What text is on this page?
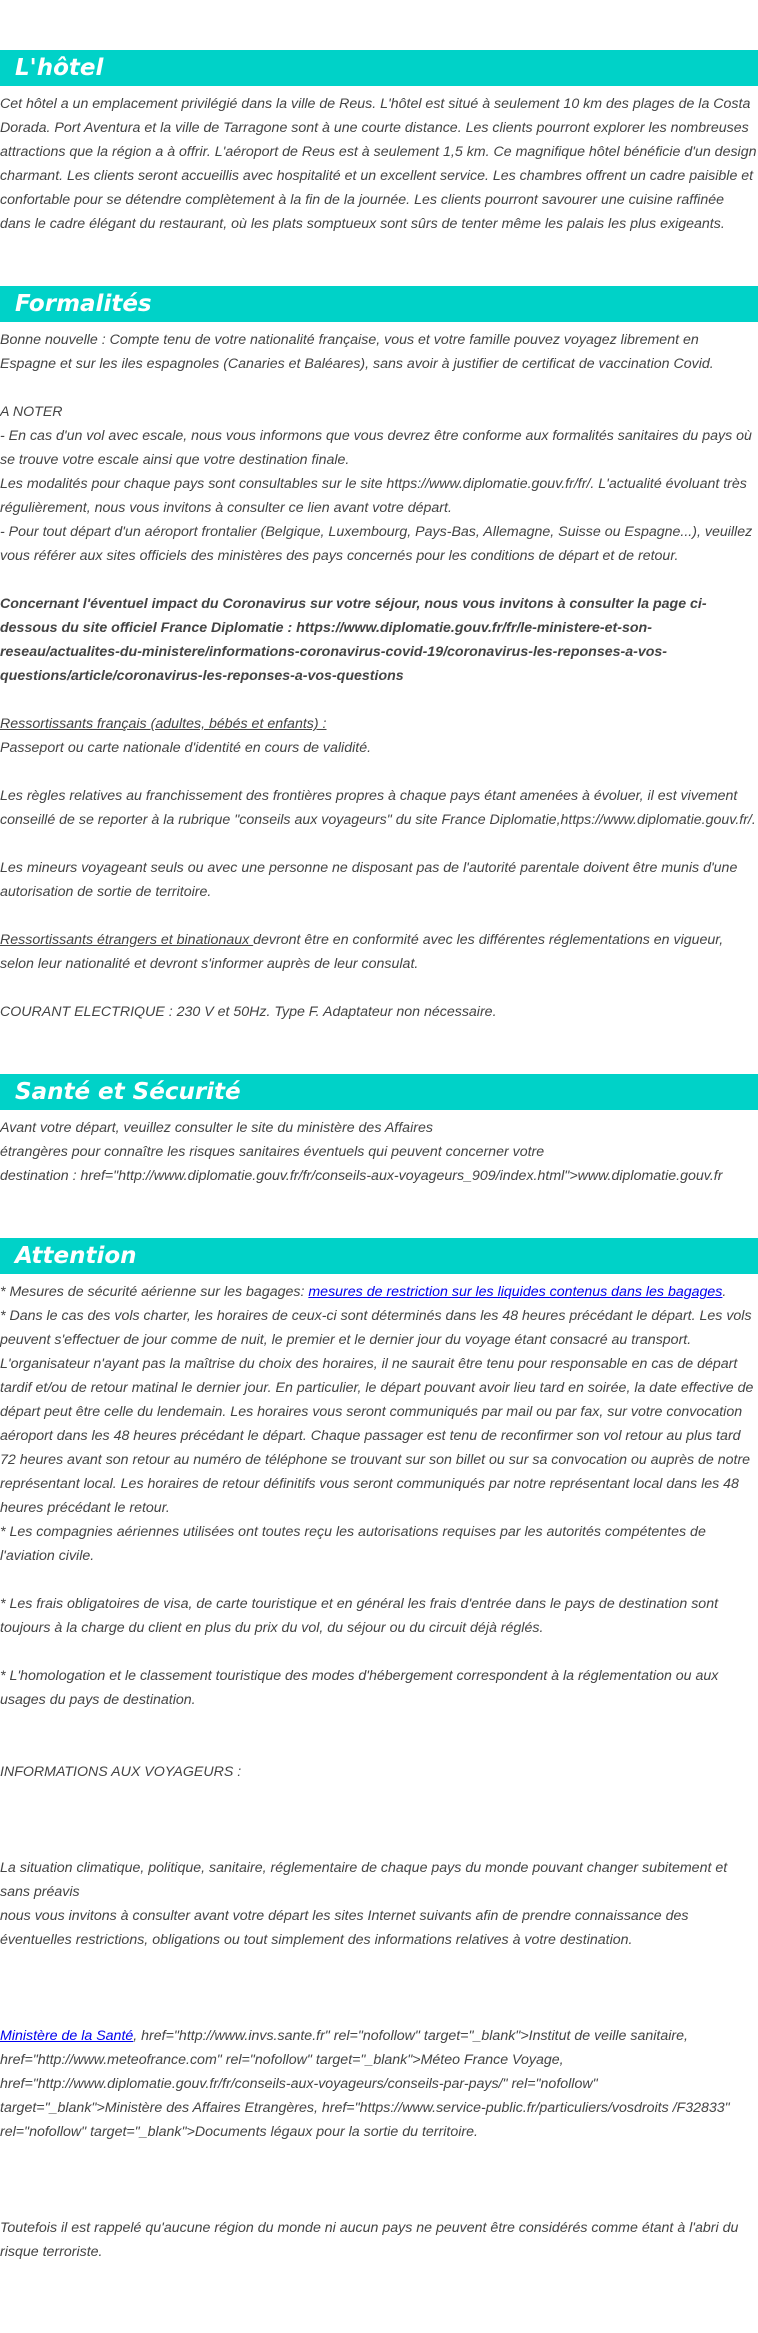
L'hôtel

Cet hôtel a un emplacement privilégié dans la ville de Reus. L'hôtel est situé à seulement 10 km des plages de la Costa Dorada. Port Aventura et la ville de Tarragone sont à une courte distance. Les clients pourront explorer les nombreuses attractions que la région a à offrir. L'aéroport de Reus est à seulement 1,5 km. Ce magnifique hôtel bénéficie d'un design charmant. Les clients seront accueillis avec hospitalité et un excellent service. Les chambres offrent un cadre paisible et confortable pour se détendre complètement à la fin de la journée. Les clients pourront savourer une cuisine raffinée dans le cadre élégant du restaurant, où les plats somptueux sont sûrs de tenter même les palais les plus exigeants.

Formalités

Bonne nouvelle : Compte tenu de votre nationalité française, vous et votre famille pouvez voyagez librement en Espagne et sur les iles espagnoles (Canaries et Baléares), sans avoir à justifier de certificat de vaccination Covid.

A NOTER

- En cas d'un vol avec escale, nous vous informons que vous devrez être conforme aux formalités sanitaires du pays où se trouve votre escale ainsi que votre destination finale.

Les modalités pour chaque pays sont consultables sur le site https://www.diplomatie.gouv.fr/fr/. L'actualité évoluant très régulièrement, nous vous invitons à consulter ce lien avant votre départ.

- Pour tout départ d'un aéroport frontalier (Belgique, Luxembourg, Pays-Bas, Allemagne, Suisse ou Espagne...), veuillez vous référer aux sites officiels des ministères des pays concernés pour les conditions de départ et de retour.

Concernant l'éventuel impact du Coronavirus sur votre séjour, nous vous invitons à consulter la page ci-dessous du site officiel France Diplomatie : https://www.diplomatie.gouv.fr/fr/le-ministere-et-son-reseau/actualites-du-ministere/informations-coronavirus-covid-19/coronavirus-les-reponses-a-vos-questions/article/coronavirus-les-reponses-a-vos-questions

Ressortissants français (adultes, bébés et enfants) :
Passeport ou carte nationale d'identité en cours de validité.

Les règles relatives au franchissement des frontières propres à chaque pays étant amenées à évoluer, il est vivement conseillé de se reporter à la rubrique "conseils aux voyageurs" du site France Diplomatie,https://www.diplomatie.gouv.fr/.

Les mineurs voyageant seuls ou avec une personne ne disposant pas de l'autorité parentale doivent être munis d'une autorisation de sortie de territoire.

Ressortissants étrangers et binationaux devront être en conformité avec les différentes réglementations en vigueur, selon leur nationalité et devront s'informer auprès de leur consulat.

COURANT ELECTRIQUE : 230 V et 50Hz. Type F. Adaptateur non nécessaire.

Santé et Sécurité

Avant votre départ, veuillez consulter le site du ministère des Affaires
étrangères pour connaître les risques sanitaires éventuels qui peuvent concerner votre
destination : href="http://www.diplomatie.gouv.fr/fr/conseils-aux-voyageurs_909/index.html">www.diplomatie.gouv.fr

Attention

* Mesures de sécurité aérienne sur les bagages: mesures de restriction sur les liquides contenus dans les bagages.

* Dans le cas des vols charter, les horaires de ceux-ci sont déterminés dans les 48 heures précédant le départ. Les vols peuvent s'effectuer de jour comme de nuit, le premier et le dernier jour du voyage étant consacré au transport. L'organisateur n'ayant pas la maîtrise du choix des horaires, il ne saurait être tenu pour responsable en cas de départ tardif et/ou de retour matinal le dernier jour. En particulier, le départ pouvant avoir lieu tard en soirée, la date effective de départ peut être celle du lendemain. Les horaires vous seront communiqués par mail ou par fax, sur votre convocation aéroport dans les 48 heures précédant le départ. Chaque passager est tenu de reconfirmer son vol retour au plus tard 72 heures avant son retour au numéro de téléphone se trouvant sur son billet ou sur sa convocation ou auprès de notre représentant local. Les horaires de retour définitifs vous seront communiqués par notre représentant local dans les 48 heures précédant le retour.

* Les compagnies aériennes utilisées ont toutes reçu les autorisations requises par les autorités compétentes de l'aviation civile.

* Les frais obligatoires de visa, de carte touristique et en général les frais d'entrée dans le pays de destination sont toujours à la charge du client en plus du prix du vol, du séjour ou du circuit déjà réglés.

* L'homologation et le classement touristique des modes d'hébergement correspondent à la réglementation ou aux usages du pays de destination.

INFORMATIONS AUX VOYAGEURS :

La situation climatique, politique, sanitaire, réglementaire de chaque pays du monde pouvant changer subitement et sans préavis
nous vous invitons à consulter avant votre départ les sites Internet suivants afin de prendre connaissance des éventuelles restrictions, obligations ou tout simplement des informations relatives à votre destination.

Ministère de la Santé, href="http://www.invs.sante.fr" rel="nofollow" target="_blank">Institut de veille sanitaire, href="http://www.meteofrance.com" rel="nofollow" target="_blank">Méteo France Voyage, href="http://www.diplomatie.gouv.fr/fr/conseils-aux-voyageurs/conseils-par-pays/" rel="nofollow" target="_blank">Ministère des Affaires Etrangères, href="https://www.service-public.fr/particuliers/vosdroits /F32833" rel="nofollow" target="_blank">Documents légaux pour la sortie du territoire.

Toutefois il est rappelé qu'aucune région du monde ni aucun pays ne peuvent être considérés comme étant à l'abri du risque terroriste.
